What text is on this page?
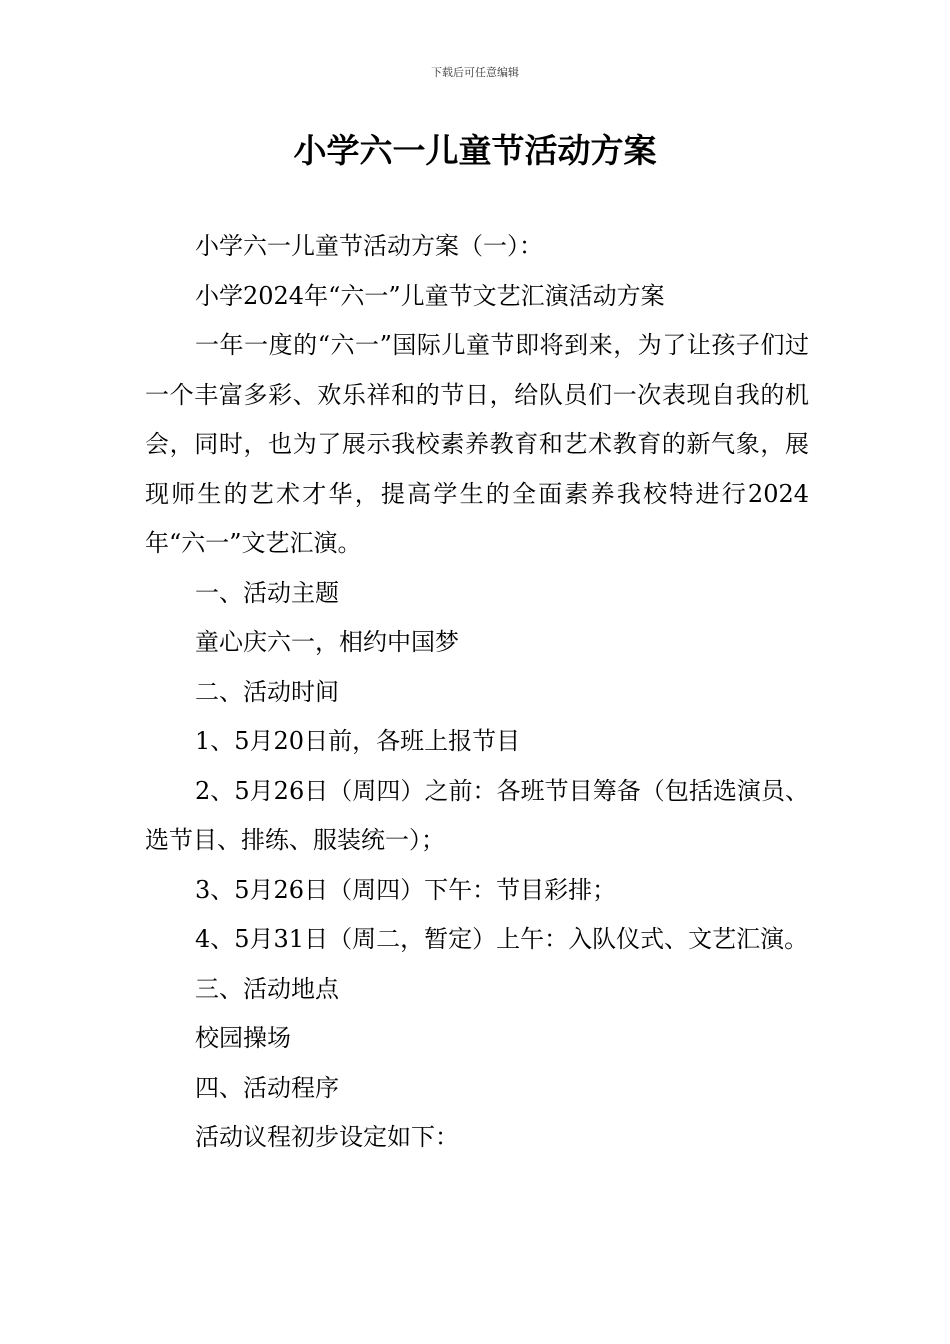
下载后可任意编辑
小学六一儿童节活动方案

小学六一儿童节活动方案（一）：

小学2024年“六一”儿童节文艺汇演活动方案

一年一度的“六一”国际儿童节即将到来，为了让孩子们过一个丰富多彩、欢乐祥和的节日，给队员们一次表现自我的机会，同时，也为了展示我校素养教育和艺术教育的新气象，展现师生的艺术才华，提高学生的全面素养我校特进行2024年“六一”文艺汇演。

一、活动主题

童心庆六一，相约中国梦

二、活动时间

1、5月20日前，各班上报节目

2、5月26日（周四）之前：各班节目筹备（包括选演员、选节目、排练、服装统一）；

3、5月26日（周四）下午：节目彩排；

4、5月31日（周二，暂定）上午：入队仪式、文艺汇演。

三、活动地点

校园操场

四、活动程序

活动议程初步设定如下：
